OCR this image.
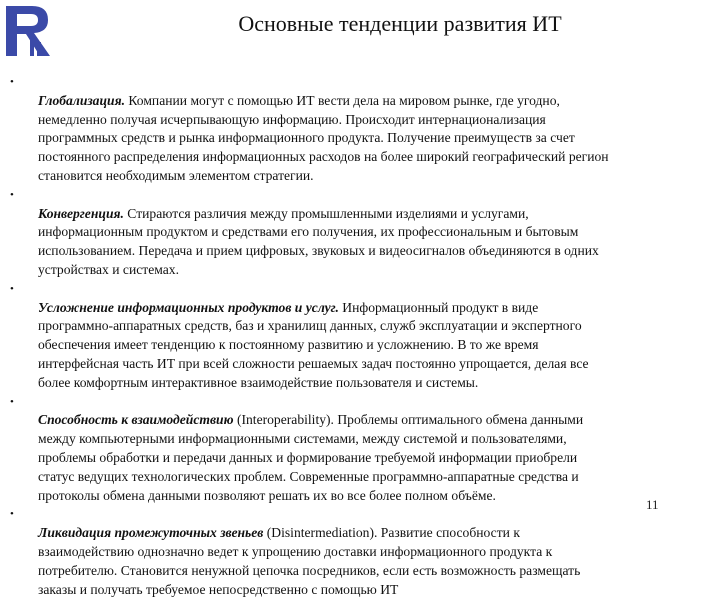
Основные тенденции развития ИТ

•
Глобализация. Компании могут с помощью ИТ вести дела на мировом рынке, где угодно,
немедленно получая исчерпывающую информацию. Происходит интернационализация
программных средств и рынка информационного продукта. Получение преимуществ за счет
постоянного распределения информационных расходов на более широкий географический регион
становится необходимым элементом стратегии.

•
Конвергенция. Стираются различия между промышленными изделиями и услугами,
информационным продуктом и средствами его получения, их профессиональным и бытовым
использованием. Передача и прием цифровых, звуковых и видеосигналов объединяются в одних
устройствах и системах.

•
Усложнение информационных продуктов и услуг. Информационный продукт в виде
программно-аппаратных средств, баз и хранилищ данных, служб эксплуатации и экспертного
обеспечения имеет тенденцию к постоянному развитию и усложнению. В то же время
интерфейсная часть ИТ при всей сложности решаемых задач постоянно упрощается, делая все
более комфортным интерактивное взаимодействие пользователя и системы.

•
Способность к взаимодействию (Interoperability). Проблемы оптимального обмена данными
между компьютерными информационными системами, между системой и пользователями,
проблемы обработки и передачи данных и формирование требуемой информации приобрели
статус ведущих технологических проблем. Современные программно-аппаратные средства и
протоколы обмена данными позволяют решать их во все более полном объёме.

•
Ликвидация промежуточных звеньев (Disintermediation). Развитие способности к
взаимодействию однозначно ведет к упрощению доставки информационного продукта к
потребителю. Становится ненужной цепочка посредников, если есть возможность размещать
заказы и получать требуемое непосредственно с помощью ИТ

11
